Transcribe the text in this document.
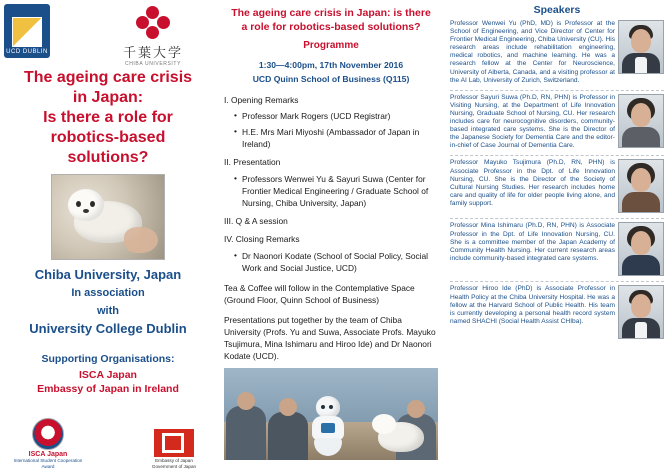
UCD DUBLIN	千葉大学
CHIBA UNIVERSITY
The ageing care crisis
in Japan:
Is there a role for
robotics-based
solutions?
Chiba University, Japan
In association
with
University College Dublin
Supporting Organisations:
ISCA Japan
Embassy of Japan in Ireland
ISCA Japan
International Student Cooperation Award
Embassy of Japan
Government of Japan
The ageing care crisis in Japan: is there
a role for robotics-based solutions?
Programme
1:30—4:00pm, 17th November 2016
UCD Quinn School of Business (Q115)
I. Opening Remarks
• Professor Mark Rogers (UCD Registrar)
• H.E. Mrs Mari Miyoshi (Ambassador of Japan in Ireland)
II. Presentation
• Professors Wenwei Yu & Sayuri Suwa (Center for Frontier Medical Engineering / Graduate School of Nursing, Chiba University, Japan)
III. Q & A session
IV. Closing Remarks
• Dr Naonori Kodate (School of Social Policy, Social Work and Social Justice, UCD)
Tea & Coffee will follow in the Contemplative Space (Ground Floor, Quinn School of Business)
Presentations put together by the team of Chiba University (Profs. Yu and Suwa, Associate Profs. Mayuko Tsujimura, Mina Ishimaru and Hiroo Ide) and Dr Naonori Kodate (UCD).
Speakers
Professor Wenwei Yu (PhD, MD) is Professor at the School of Engineering, and Vice Director of Center for Frontier Medical Engineering, Chiba University (CU). His research areas include rehabilitation engineering, medical robotics, and machine learning. He was a research fellow at the Center for Neuroscience, University of Alberta, Canada, and a visiting professor at the AI Lab, University of Zurich, Switzerland.
Professor Sayuri Suwa (Ph.D, RN, PHN) is Professor in Visiting Nursing, at the Department of Life Innovation Nursing, Graduate School of Nursing, CU. Her research includes care for neurocognitive disorders, community-based integrated care systems. She is the Director of the Japanese Society for Dementia Care and the editor-in-chief of Case Journal of Dementia Care.
Professor Mayuko Tsujimura (Ph.D, RN, PHN) is Associate Professor in the Dpt. of Life Innovation Nursing, CU. She is the Director of the Society of Cultural Nursing Studies. Her research includes home care and quality of life for older people living alone, and family support.
Professor Mina Ishimaru (Ph.D, RN, PHN) is Associate Professor in the Dpt. of Life Innovation Nursing, CU. She is a committee member of the Japan Academy of Community Health Nursing. Her current research areas include community-based integrated care systems.
Professor Hiroo Ide (PhD) is Associate Professor in Health Policy at the Chiba University Hospital. He was a fellow at the Harvard School of Public Health. His team is currently developing a personal health record system named SHACHI (Social Health Assist CHIba).
